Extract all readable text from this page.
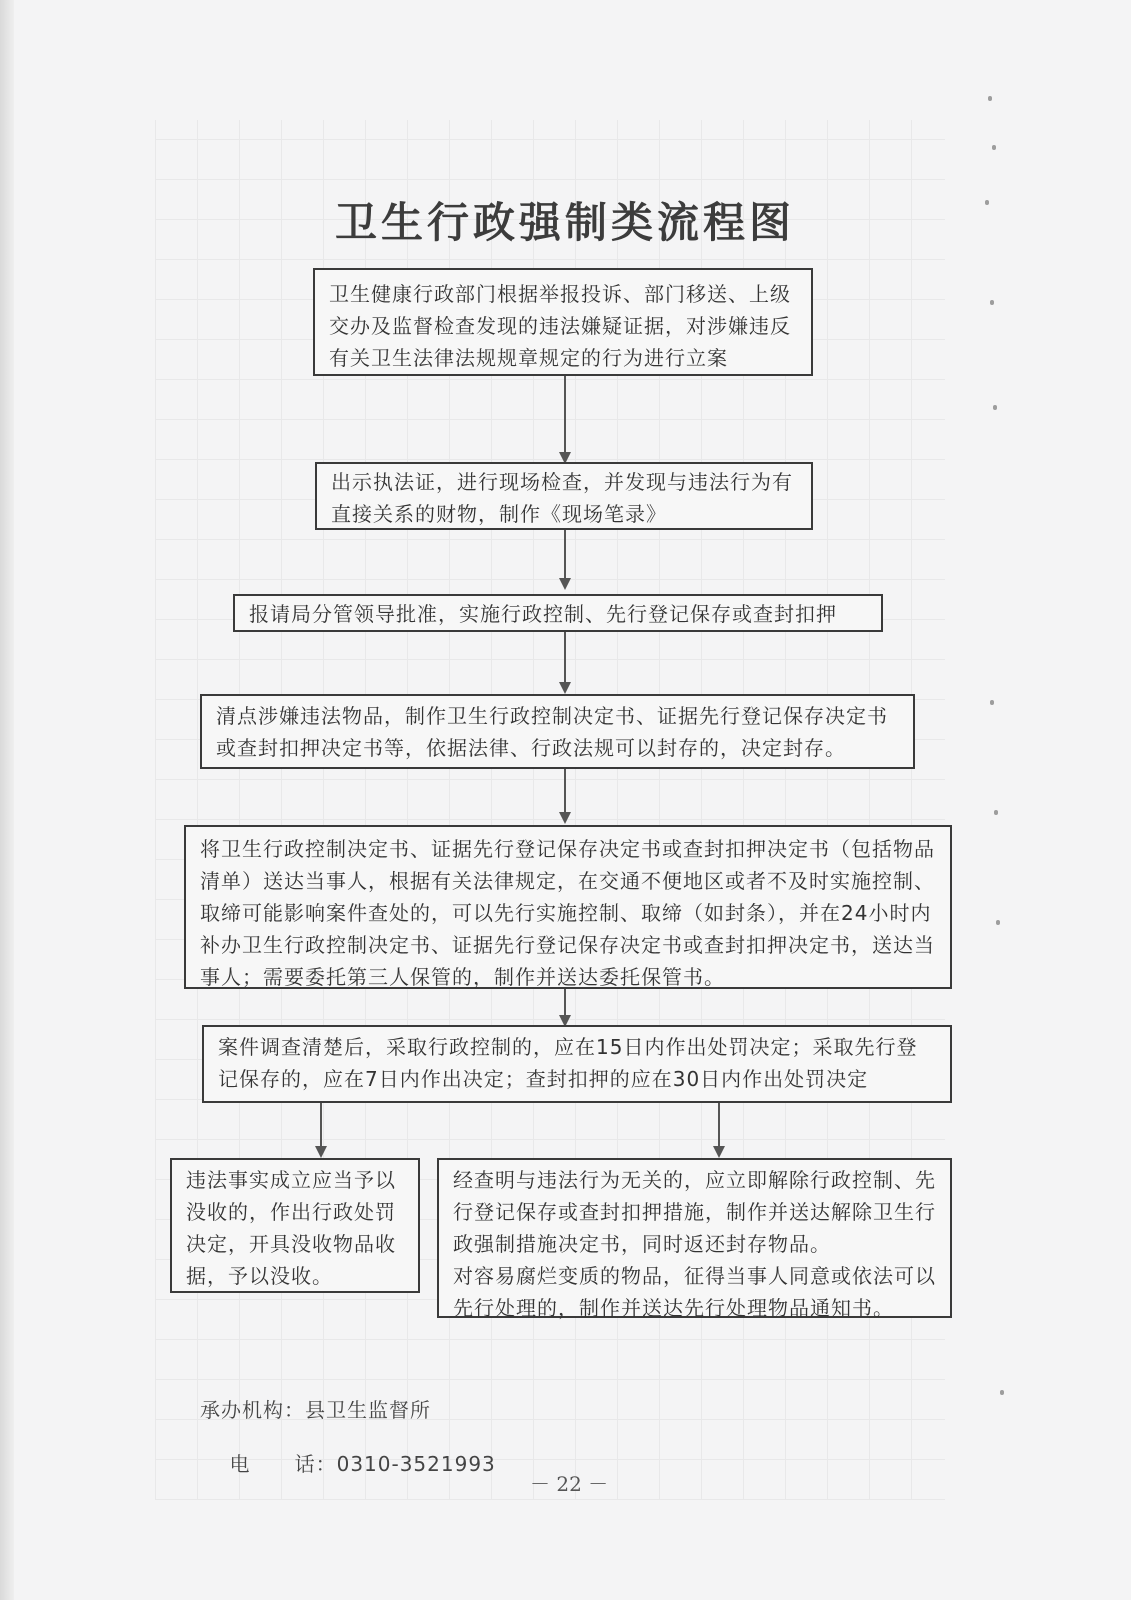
卫生行政强制类流程图

卫生健康行政部门根据举报投诉、部门移送、上级交办及监督检查发现的违法嫌疑证据，对涉嫌违反有关卫生法律法规规章规定的行为进行立案

出示执法证，进行现场检查，并发现与违法行为有直接关系的财物，制作《现场笔录》

报请局分管领导批准，实施行政控制、先行登记保存或查封扣押

清点涉嫌违法物品，制作卫生行政控制决定书、证据先行登记保存决定书或查封扣押决定书等，依据法律、行政法规可以封存的，决定封存。

将卫生行政控制决定书、证据先行登记保存决定书或查封扣押决定书（包括物品清单）送达当事人，根据有关法律规定，在交通不便地区或者不及时实施控制、取缔可能影响案件查处的，可以先行实施控制、取缔（如封条），并在24小时内补办卫生行政控制决定书、证据先行登记保存决定书或查封扣押决定书，送达当事人；需要委托第三人保管的，制作并送达委托保管书。

案件调查清楚后，采取行政控制的，应在15日内作出处罚决定；采取先行登记保存的，应在7日内作出决定；查封扣押的应在30日内作出处罚决定

违法事实成立应当予以没收的，作出行政处罚决定，开具没收物品收据，予以没收。

经查明与违法行为无关的，应立即解除行政控制、先行登记保存或查封扣押措施，制作并送达解除卫生行政强制措施决定书，同时返还封存物品。

对容易腐烂变质的物品，征得当事人同意或依法可以先行处理的，制作并送达先行处理物品通知书。

承办机构：县卫生监督所

电      话：0310-3521993

－ 22 －
